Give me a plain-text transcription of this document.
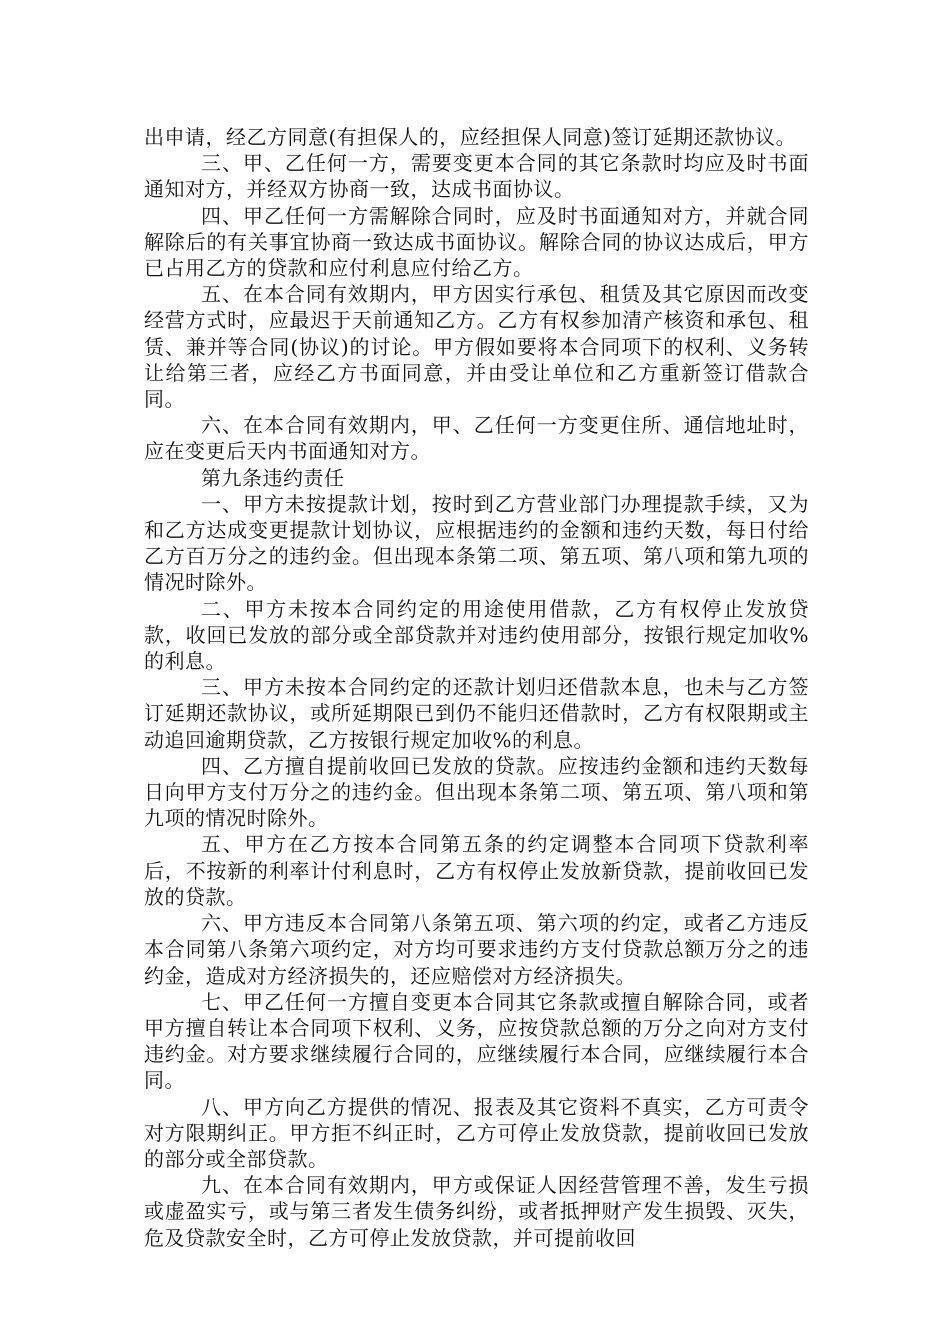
出申请，经乙方同意(有担保人的，应经担保人同意)签订延期还款协议。

三、甲、乙任何一方，需要变更本合同的其它条款时均应及时书面通知对方，并经双方协商一致，达成书面协议。

四、甲乙任何一方需解除合同时，应及时书面通知对方，并就合同解除后的有关事宜协商一致达成书面协议。解除合同的协议达成后，甲方已占用乙方的贷款和应付利息应付给乙方。

五、在本合同有效期内，甲方因实行承包、租赁及其它原因而改变经营方式时，应最迟于天前通知乙方。乙方有权参加清产核资和承包、租赁、兼并等合同(协议)的讨论。甲方假如要将本合同项下的权利、义务转让给第三者，应经乙方书面同意，并由受让单位和乙方重新签订借款合同。

六、在本合同有效期内，甲、乙任何一方变更住所、通信地址时，应在变更后天内书面通知对方。

第九条违约责任

一、甲方未按提款计划，按时到乙方营业部门办理提款手续，又为和乙方达成变更提款计划协议，应根据违约的金额和违约天数，每日付给乙方百万分之的违约金。但出现本条第二项、第五项、第八项和第九项的情况时除外。

二、甲方未按本合同约定的用途使用借款，乙方有权停止发放贷款，收回已发放的部分或全部贷款并对违约使用部分，按银行规定加收%的利息。

三、甲方未按本合同约定的还款计划归还借款本息，也未与乙方签订延期还款协议，或所延期限已到仍不能归还借款时，乙方有权限期或主动追回逾期贷款，乙方按银行规定加收%的利息。

四、乙方擅自提前收回已发放的贷款。应按违约金额和违约天数每日向甲方支付万分之的违约金。但出现本条第二项、第五项、第八项和第九项的情况时除外。

五、甲方在乙方按本合同第五条的约定调整本合同项下贷款利率后，不按新的利率计付利息时，乙方有权停止发放新贷款，提前收回已发放的贷款。

六、甲方违反本合同第八条第五项、第六项的约定，或者乙方违反本合同第八条第六项约定，对方均可要求违约方支付贷款总额万分之的违约金，造成对方经济损失的，还应赔偿对方经济损失。

七、甲乙任何一方擅自变更本合同其它条款或擅自解除合同，或者甲方擅自转让本合同项下权利、义务，应按贷款总额的万分之向对方支付违约金。对方要求继续履行合同的，应继续履行本合同，应继续履行本合同。

八、甲方向乙方提供的情况、报表及其它资料不真实，乙方可责令对方限期纠正。甲方拒不纠正时，乙方可停止发放贷款，提前收回已发放的部分或全部贷款。

九、在本合同有效期内，甲方或保证人因经营管理不善，发生亏损或虚盈实亏，或与第三者发生债务纠纷，或者抵押财产发生损毁、灭失，危及贷款安全时，乙方可停止发放贷款，并可提前收回
